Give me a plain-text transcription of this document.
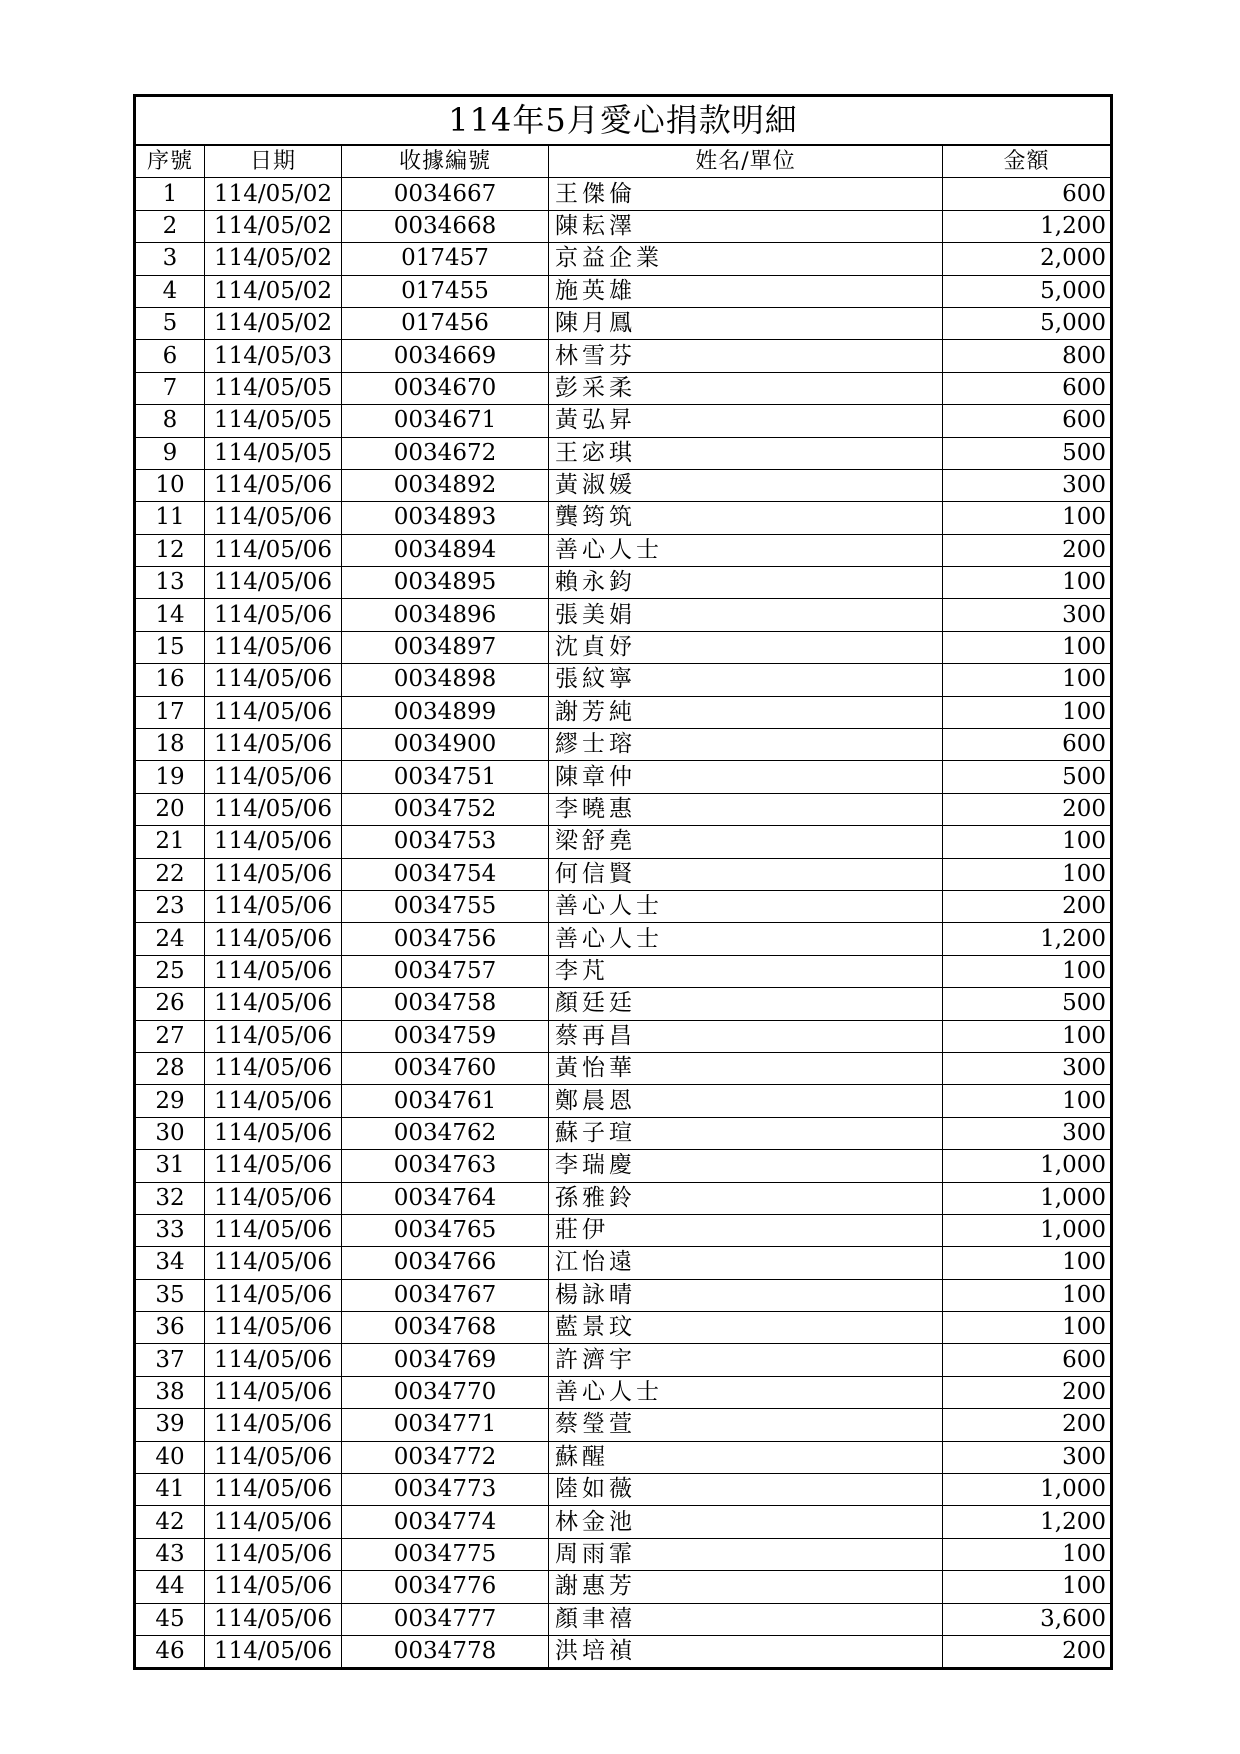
114年5月愛心捐款明細				
序號	日期	收據編號	姓名/單位	金額
1	114/05/02	0034667	王傑倫	600
2	114/05/02	0034668	陳耘澤	1,200
3	114/05/02	017457	京益企業	2,000
4	114/05/02	017455	施英雄	5,000
5	114/05/02	017456	陳月鳳	5,000
6	114/05/03	0034669	林雪芬	800
7	114/05/05	0034670	彭采柔	600
8	114/05/05	0034671	黃弘昇	600
9	114/05/05	0034672	王宓琪	500
10	114/05/06	0034892	黃淑媛	300
11	114/05/06	0034893	龔筠筑	100
12	114/05/06	0034894	善心人士	200
13	114/05/06	0034895	賴永鈞	100
14	114/05/06	0034896	張美娟	300
15	114/05/06	0034897	沈貞妤	100
16	114/05/06	0034898	張紋寧	100
17	114/05/06	0034899	謝芳純	100
18	114/05/06	0034900	繆士瑢	600
19	114/05/06	0034751	陳章仲	500
20	114/05/06	0034752	李曉惠	200
21	114/05/06	0034753	梁舒堯	100
22	114/05/06	0034754	何信賢	100
23	114/05/06	0034755	善心人士	200
24	114/05/06	0034756	善心人士	1,200
25	114/05/06	0034757	李芃	100
26	114/05/06	0034758	顏廷廷	500
27	114/05/06	0034759	蔡再昌	100
28	114/05/06	0034760	黃怡華	300
29	114/05/06	0034761	鄭晨恩	100
30	114/05/06	0034762	蘇子瑄	300
31	114/05/06	0034763	李瑞慶	1,000
32	114/05/06	0034764	孫雅鈴	1,000
33	114/05/06	0034765	莊伊	1,000
34	114/05/06	0034766	江怡遠	100
35	114/05/06	0034767	楊詠晴	100
36	114/05/06	0034768	藍景玟	100
37	114/05/06	0034769	許濟宇	600
38	114/05/06	0034770	善心人士	200
39	114/05/06	0034771	蔡瑩萱	200
40	114/05/06	0034772	蘇醒	300
41	114/05/06	0034773	陸如薇	1,000
42	114/05/06	0034774	林金池	1,200
43	114/05/06	0034775	周雨霏	100
44	114/05/06	0034776	謝惠芳	100
45	114/05/06	0034777	顏聿禧	3,600
46	114/05/06	0034778	洪培禎	200
